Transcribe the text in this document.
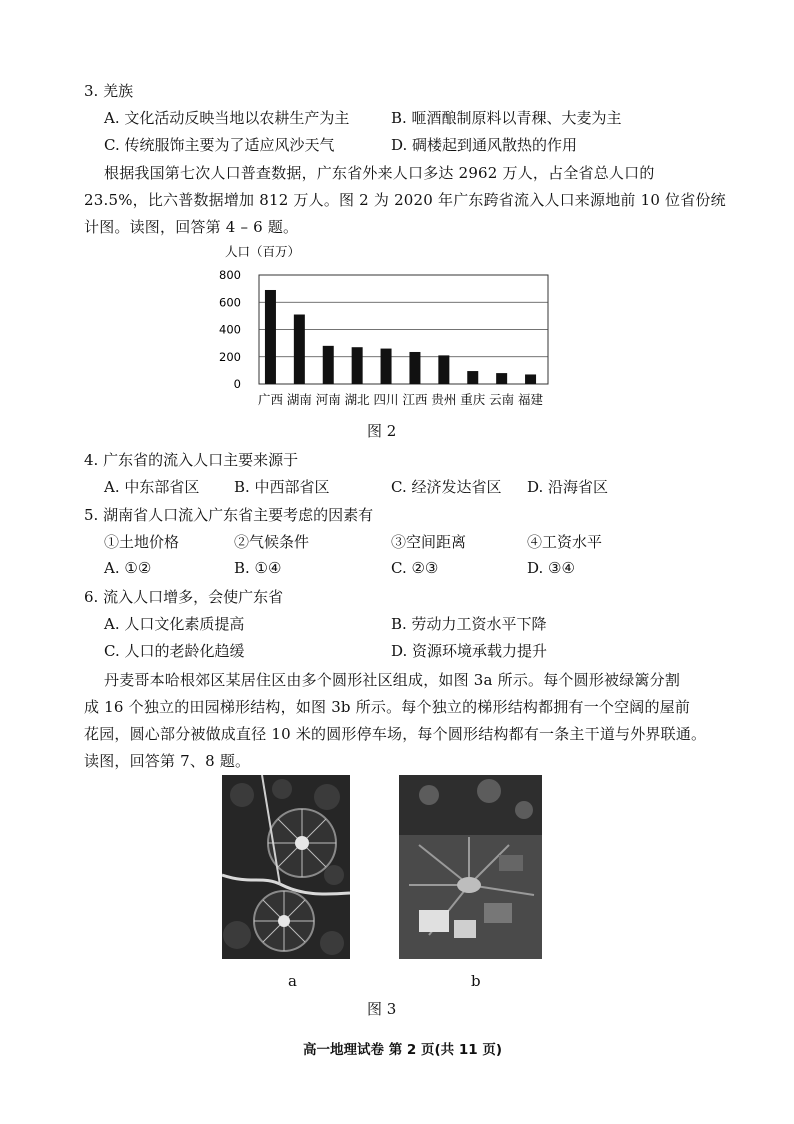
3. 羌族
A. 文化活动反映当地以农耕生产为主	B. 咂酒酿制原料以青稞、大麦为主
C. 传统服饰主要为了适应风沙天气	D. 碉楼起到通风散热的作用
根据我国第七次人口普查数据，广东省外来人口多达 2962 万人，占全省总人口的
23.5%，比六普数据增加 812 万人。图 2 为 2020 年广东跨省流入人口来源地前 10 位省份统
计图。读图，回答第 4 – 6 题。
人口（百万）
800
600
400
200
0
广西 湖南 河南 湖北 四川 江西 贵州 重庆 云南 福建
图 2
4. 广东省的流入人口主要来源于
A. 中东部省区 B. 中西部省区	C. 经济发达省区 D. 沿海省区
5. 湖南省人口流入广东省主要考虑的因素有
①土地价格	②气候条件	③空间距离	④工资水平
A. ①②	B. ①④	C. ②③	D. ③④
6. 流入人口增多，会使广东省
A. 人口文化素质提高	B. 劳动力工资水平下降
C. 人口的老龄化趋缓	D. 资源环境承载力提升
丹麦哥本哈根郊区某居住区由多个圆形社区组成，如图 3a 所示。每个圆形被绿篱分割
成 16 个独立的田园梯形结构，如图 3b 所示。每个独立的梯形结构都拥有一个空阔的屋前
花园，圆心部分被做成直径 10 米的圆形停车场，每个圆形结构都有一条主干道与外界联通。
读图，回答第 7、8 题。
a	b
图 3
高一地理试卷 第 2 页(共 11 页)
